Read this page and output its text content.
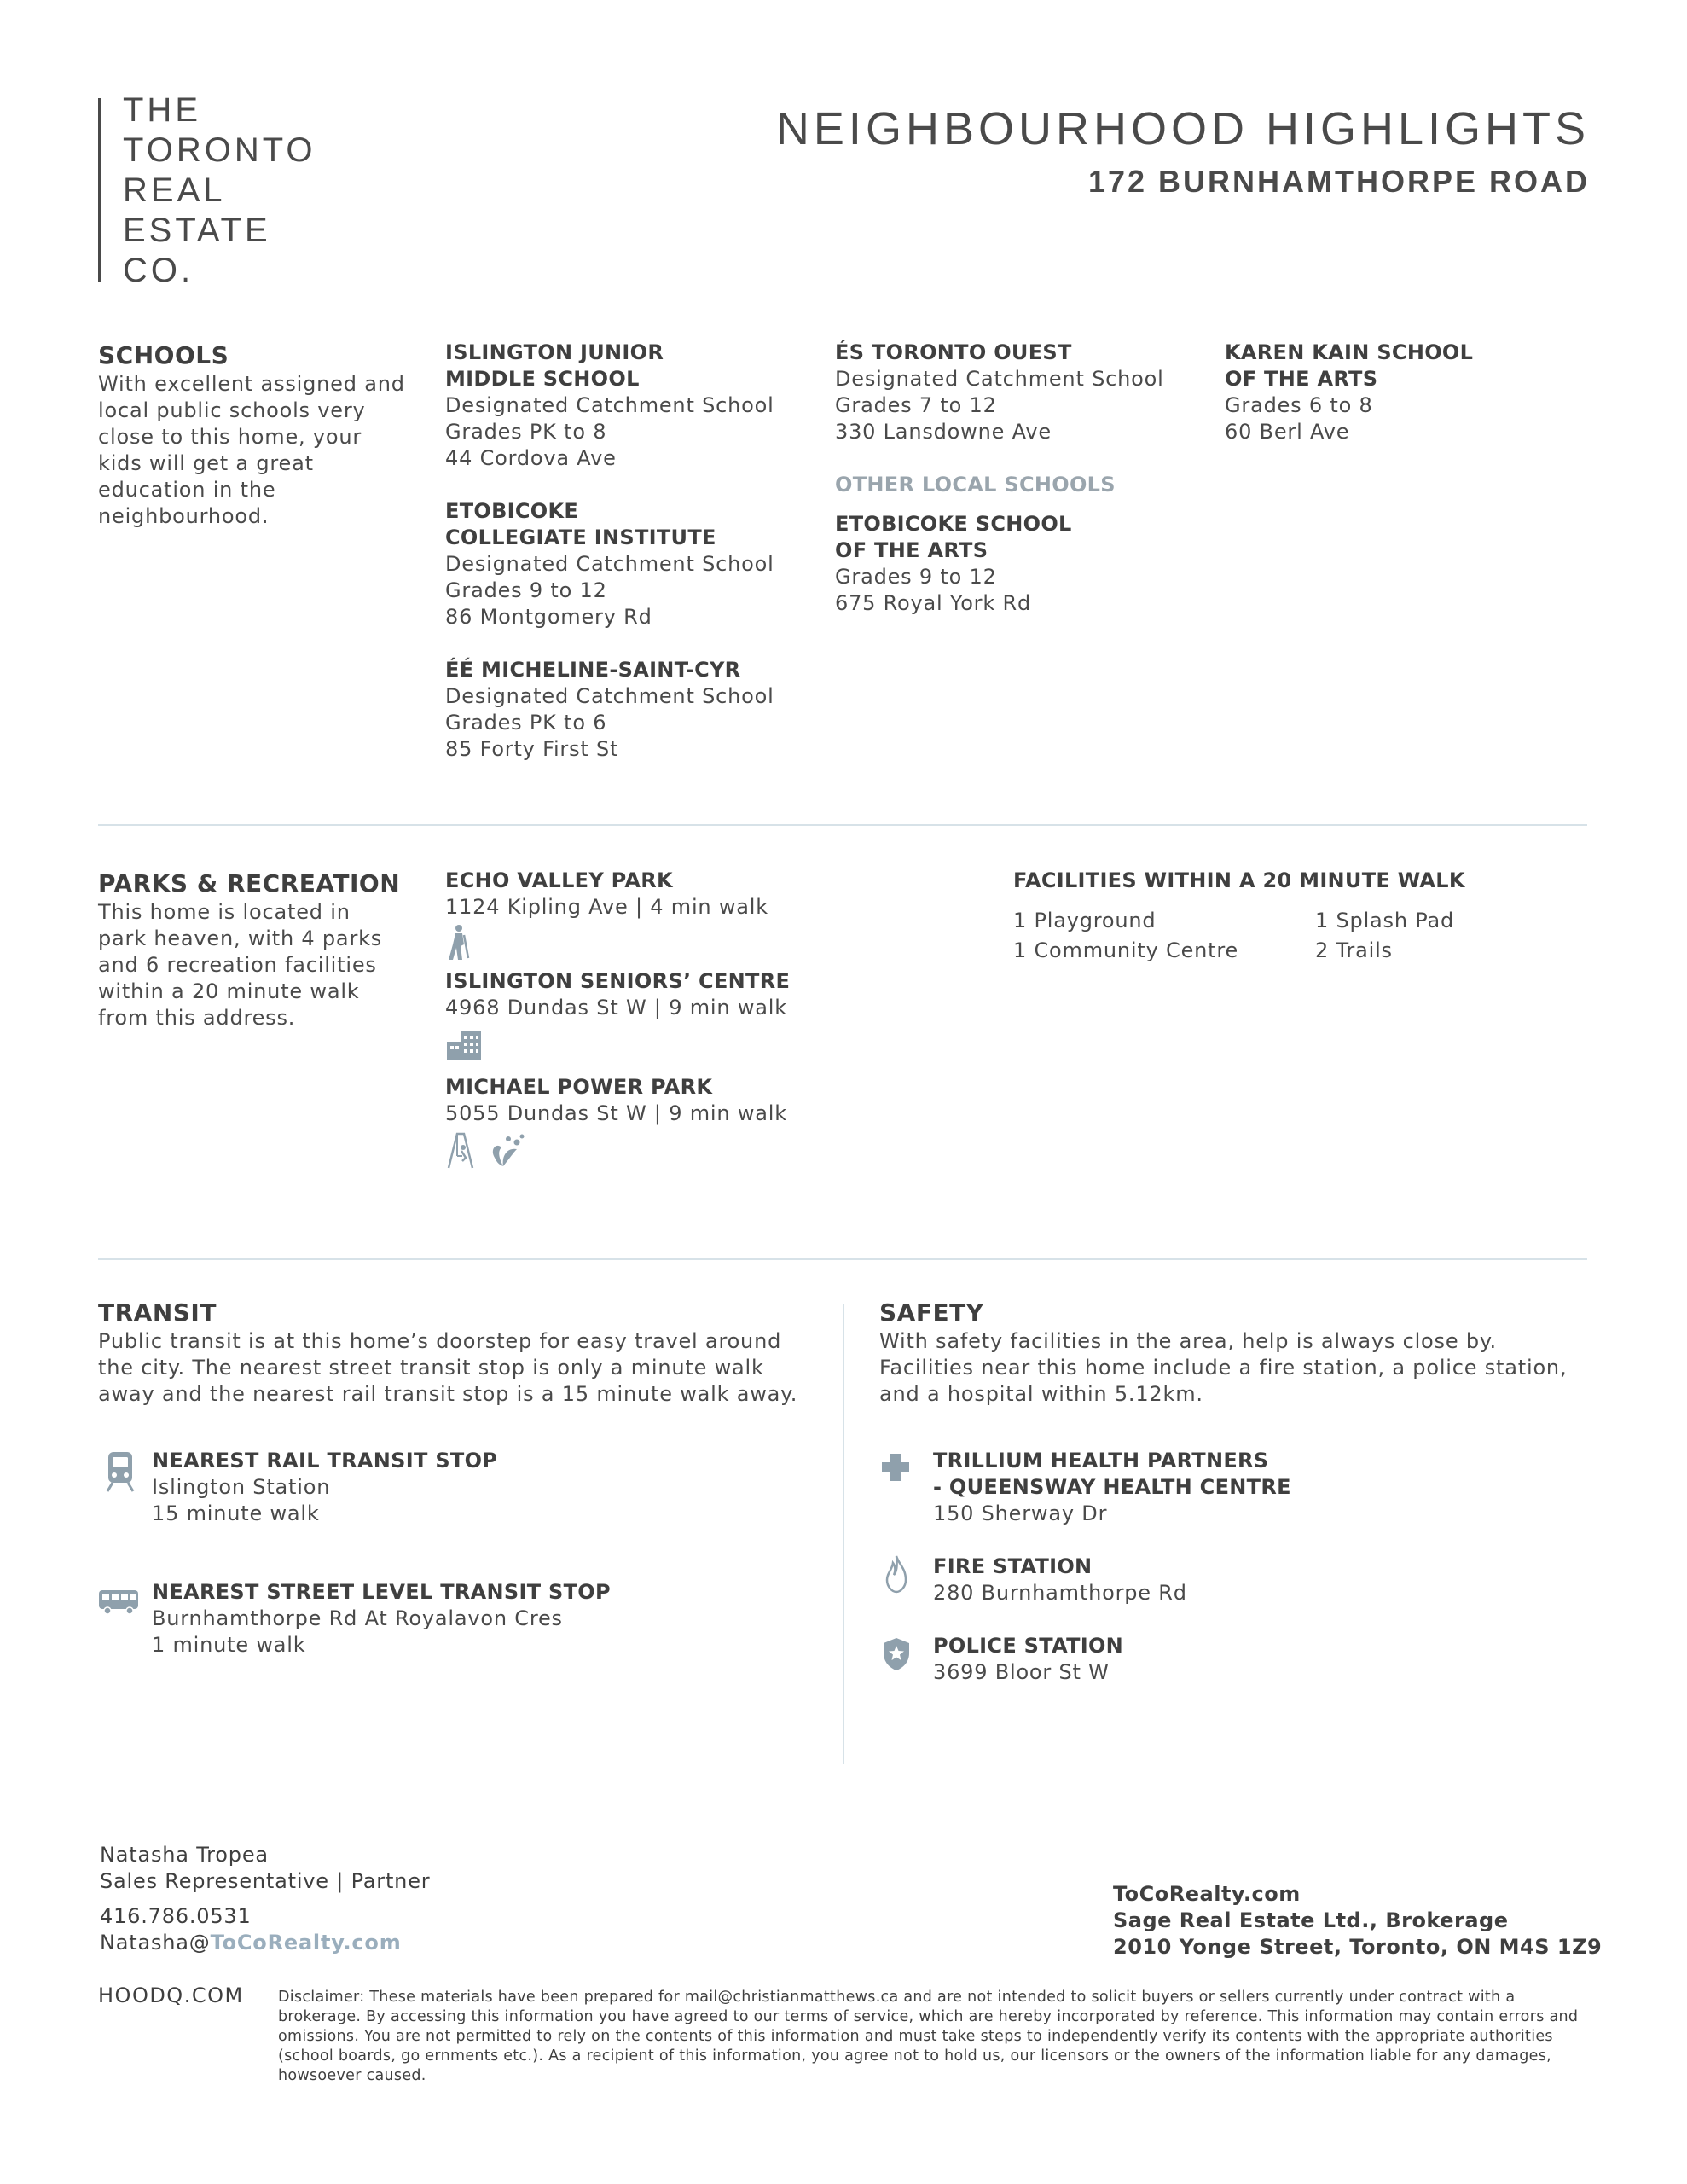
THE
TORONTO
REAL
ESTATE
CO.
NEIGHBOURHOOD HIGHLIGHTS
172 BURNHAMTHORPE ROAD
SCHOOLS
With excellent assigned and local public schools very close to this home, your kids will get a great education in the neighbourhood.
ISLINGTON JUNIOR
MIDDLE SCHOOL
Designated Catchment School
Grades PK to 8
44 Cordova Ave
ETOBICOKE
COLLEGIATE INSTITUTE
Designated Catchment School
Grades 9 to 12
86 Montgomery Rd
ÉÉ MICHELINE-SAINT-CYR
Designated Catchment School
Grades PK to 6
85 Forty First St
ÉS TORONTO OUEST
Designated Catchment School
Grades 7 to 12
330 Lansdowne Ave
OTHER LOCAL SCHOOLS
ETOBICOKE SCHOOL
OF THE ARTS
Grades 9 to 12
675 Royal York Rd
KAREN KAIN SCHOOL
OF THE ARTS
Grades 6 to 8
60 Berl Ave
PARKS & RECREATION
This home is located in park heaven, with 4 parks and 6 recreation facilities within a 20 minute walk from this address.
ECHO VALLEY PARK
1124 Kipling Ave | 4 min walk
ISLINGTON SENIORS’ CENTRE
4968 Dundas St W | 9 min walk
MICHAEL POWER PARK
5055 Dundas St W | 9 min walk
FACILITIES WITHIN A 20 MINUTE WALK
1 Playground	1 Splash Pad
1 Community Centre	2 Trails
TRANSIT
Public transit is at this home’s doorstep for easy travel around the city. The nearest street transit stop is only a minute walk away and the nearest rail transit stop is a 15 minute walk away.
NEAREST RAIL TRANSIT STOP
Islington Station
15 minute walk
NEAREST STREET LEVEL TRANSIT STOP
Burnhamthorpe Rd At Royalavon Cres
1 minute walk
SAFETY
With safety facilities in the area, help is always close by. Facilities near this home include a fire station, a police station, and a hospital within 5.12km.
TRILLIUM HEALTH PARTNERS
- QUEENSWAY HEALTH CENTRE
150 Sherway Dr
FIRE STATION
280 Burnhamthorpe Rd
POLICE STATION
3699 Bloor St W
Natasha Tropea
Sales Representative | Partner
416.786.0531
Natasha@ToCoRealty.com
ToCoRealty.com
Sage Real Estate Ltd., Brokerage
2010 Yonge Street, Toronto, ON M4S 1Z9
HOODQ.COM Disclaimer: These materials have been prepared for mail@christianmatthews.ca and are not intended to solicit buyers or sellers currently under contract with a brokerage. By accessing this information you have agreed to our terms of service, which are hereby incorporated by reference. This information may contain errors and omissions. You are not permitted to rely on the contents of this information and must take steps to independently verify its contents with the appropriate authorities (school boards, go ernments etc.). As a recipient of this information, you agree not to hold us, our licensors or the owners of the information liable for any damages, howsoever caused.
